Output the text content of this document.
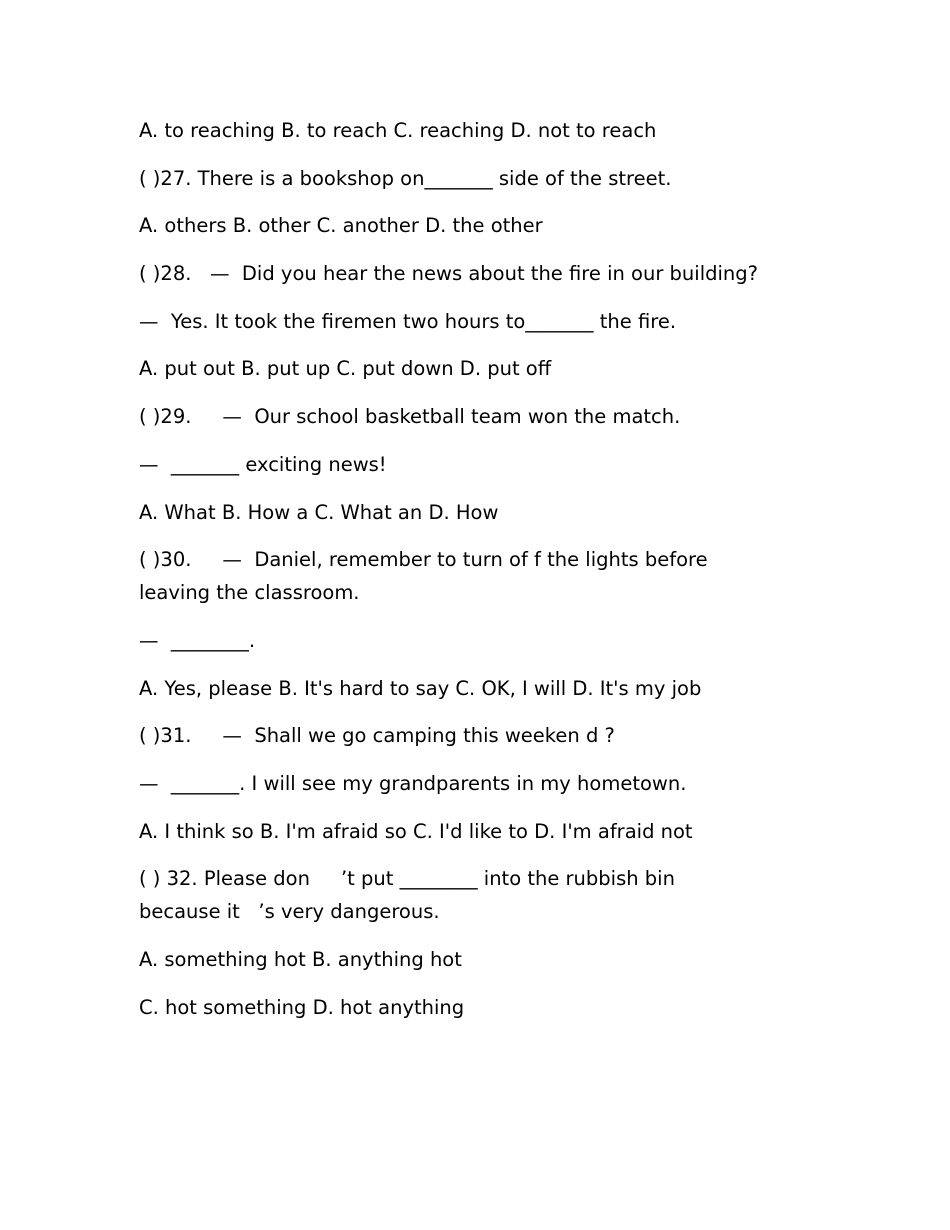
A. to reaching B. to reach C. reaching D. not to reach
( )27. There is a bookshop on_______ side of the street.
A. others B. other C. another D. the other
( )28.   —  Did you hear the news about the fire in our building?
—  Yes. It took the firemen two hours to_______ the fire.
A. put out B. put up C. put down D. put off
( )29.     —  Our school basketball team won the match.
—  _______ exciting news!
A. What B. How a C. What an D. How
( )30.     —  Daniel, remember to turn of f the lights before leaving the classroom.
—  ________.
A. Yes, please B. It's hard to say C. OK, I will D. It's my job
( )31.     —  Shall we go camping this weeken d ?
—  _______. I will see my grandparents in my hometown.
A. I think so B. I'm afraid so C. I'd like to D. I'm afraid not
( ) 32. Please don     ’t put ________ into the rubbish bin because it   ’s very dangerous.
A. something hot B. anything hot
C. hot something D. hot anything
